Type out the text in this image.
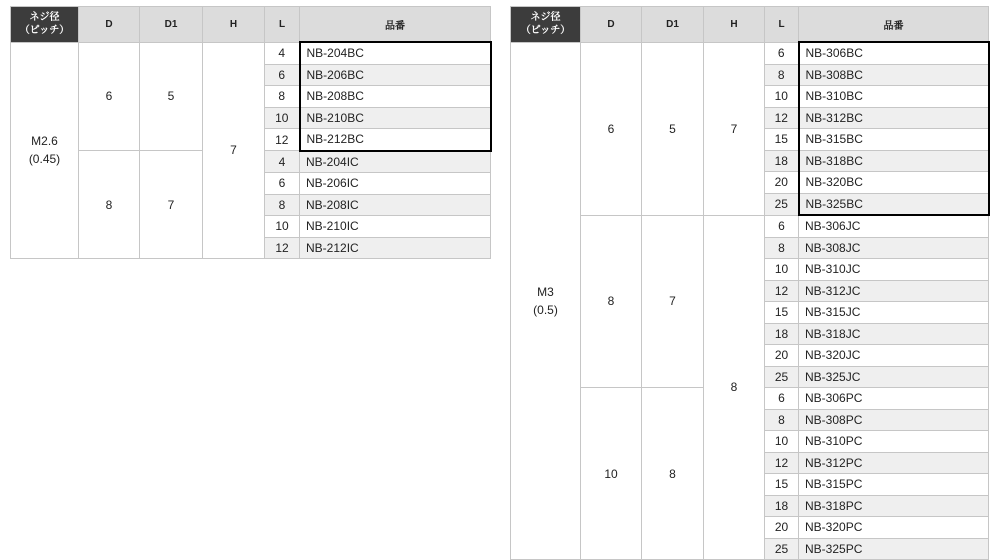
ネジ径
（ピッチ）	D	D1	H	L	品番

M2.6
(0.45)	6	5	7	4	NB-204BC
				6	NB-206BC
				8	NB-208BC
				10	NB-210BC
				12	NB-212BC
	8	7		4	NB-204IC
				6	NB-206IC
				8	NB-208IC
				10	NB-210IC
				12	NB-212IC
ネジ径
（ピッチ）	D	D1	H	L	品番

M3
(0.5)	6	5	7	6	NB-306BC
				8	NB-308BC
				10	NB-310BC
				12	NB-312BC
				15	NB-315BC
				18	NB-318BC
				20	NB-320BC
				25	NB-325BC
	8	7	8	6	NB-306JC
				8	NB-308JC
				10	NB-310JC
				12	NB-312JC
				15	NB-315JC
				18	NB-318JC
				20	NB-320JC
				25	NB-325JC
	10	8		6	NB-306PC
				8	NB-308PC
				10	NB-310PC
				12	NB-312PC
				15	NB-315PC
				18	NB-318PC
				20	NB-320PC
				25	NB-325PC
